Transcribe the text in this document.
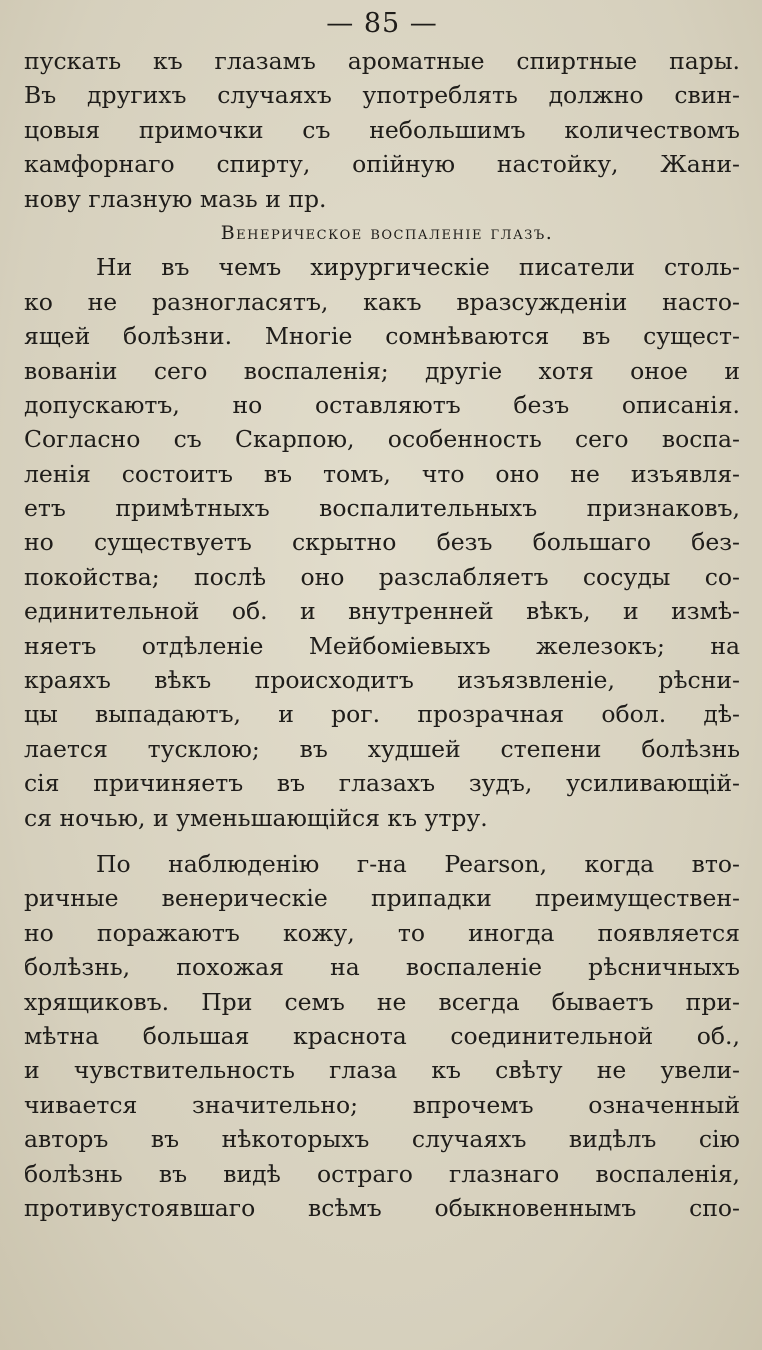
— 85 —
пускать къ глазамъ ароматные спиртные пары.
Въ другихъ случаяхъ употреблять должно свин-
цовыя примочки съ небольшимъ количествомъ
камфорнаго спирту, опійную настойку, Жани-
нову глазную мазь и пр.
Венерическое воспаленіе глазъ.
Ни въ чемъ хирургическіе писатели столь-
ко не разногласятъ, какъ вразсужденіи насто-
ящей болѣзни. Многіе сомнѣваются въ сущест-
вованіи сего воспаленія; другіе хотя оное и
допускаютъ, но оставляютъ безъ описанія.
Согласно съ Скарпою, особенность сего воспа-
ленія состоитъ въ томъ, что оно не изъявля-
етъ примѣтныхъ воспалительныхъ признаковъ,
но существуетъ скрытно безъ большаго без-
покойства; послѣ оно разслабляетъ сосуды со-
единительной об. и внутренней вѣкъ, и измѣ-
няетъ отдѣленіе Мейбоміевыхъ железокъ; на
краяхъ вѣкъ происходитъ изъязвленіе, рѣсни-
цы выпадаютъ, и рог. прозрачная обол. дѣ-
лается тусклою; въ худшей степени болѣзнь
сія причиняетъ въ глазахъ зудъ, усиливающій-
ся ночью, и уменьшающійся къ утру.
По наблюденію г-на Pearson, когда вто-
ричные венерическіе припадки преимуществен-
но поражаютъ кожу, то иногда появляется
болѣзнь, похожая на воспаленіе рѣсничныхъ
хрящиковъ. При семъ не всегда бываетъ при-
мѣтна большая краснота соединительной об.,
и чувствительность глаза къ свѣту не увели-
чивается значительно; впрочемъ означенный
авторъ въ нѣкоторыхъ случаяхъ видѣлъ сію
болѣзнь въ видѣ остраго глазнаго воспаленія,
противустоявшаго всѣмъ обыкновеннымъ спо-
